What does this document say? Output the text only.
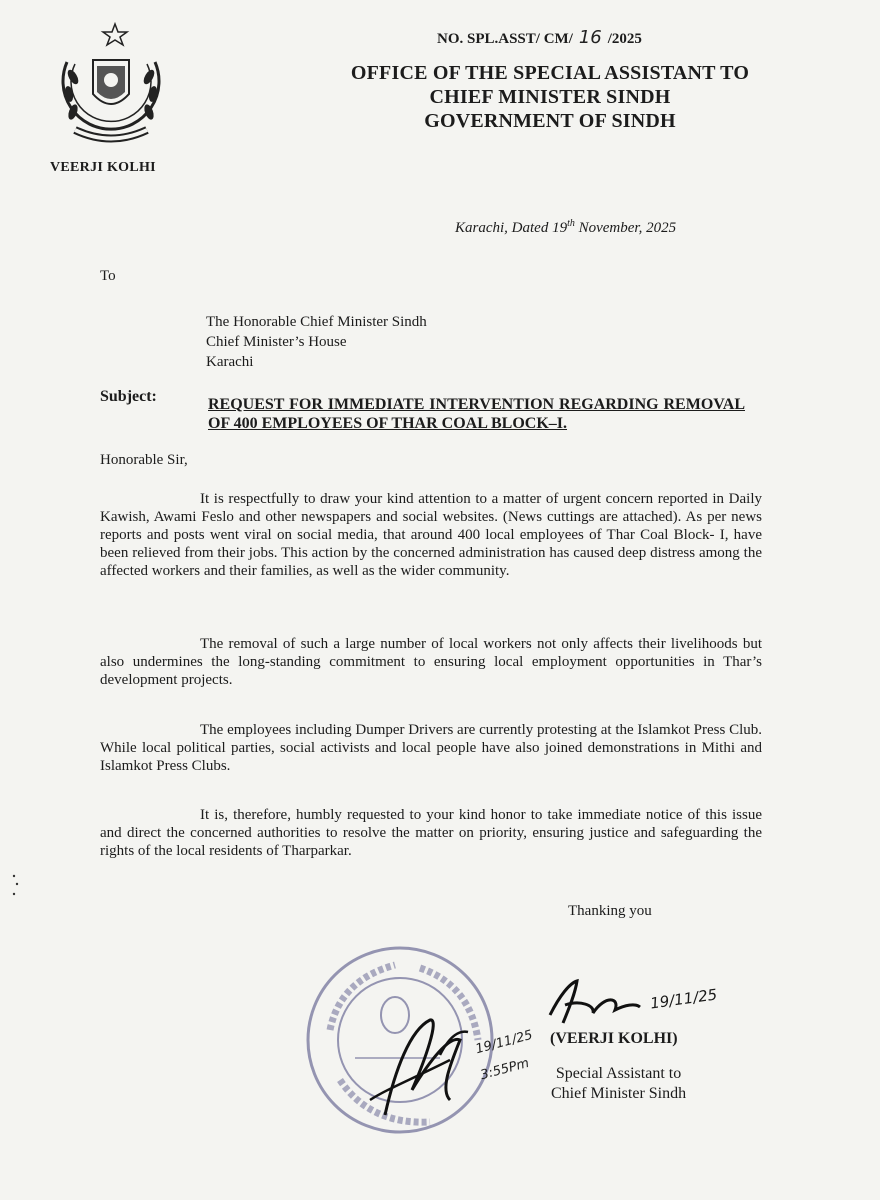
VEERJI KOLHI
NO. SPL.ASST/ CM/ 16 /2025
OFFICE OF THE SPECIAL ASSISTANT TO
CHIEF MINISTER SINDH
GOVERNMENT OF SINDH
Karachi, Dated 19th November, 2025
To
The Honorable Chief Minister Sindh
Chief Minister’s House
Karachi
Subject:	REQUEST FOR IMMEDIATE INTERVENTION REGARDING REMOVAL OF 400 EMPLOYEES OF THAR COAL BLOCK–I.
Honorable Sir,
It is respectfully to draw your kind attention to a matter of urgent concern reported in Daily Kawish, Awami Feslo and other newspapers and social websites. (News cuttings are attached). As per news reports and posts went viral on social media, that around 400 local employees of Thar Coal Block- I, have been relieved from their jobs. This action by the concerned administration has caused deep distress among the affected workers and their families, as well as the wider community.
The removal of such a large number of local workers not only affects their livelihoods but also undermines the long-standing commitment to ensuring local employment opportunities in Thar’s development projects.
The employees including Dumper Drivers are currently protesting at the Islamkot Press Club. While local political parties, social activists and local people have also joined demonstrations in Mithi and Islamkot Press Clubs.
It is, therefore, humbly requested to your kind honor to take immediate notice of this issue and direct the concerned authorities to resolve the matter on priority, ensuring justice and safeguarding the rights of the local residents of Tharparkar.
Thanking you
19/11/25
3:55Pm
19/11/25
(VEERJI KOLHI)
Special Assistant to
Chief Minister Sindh
